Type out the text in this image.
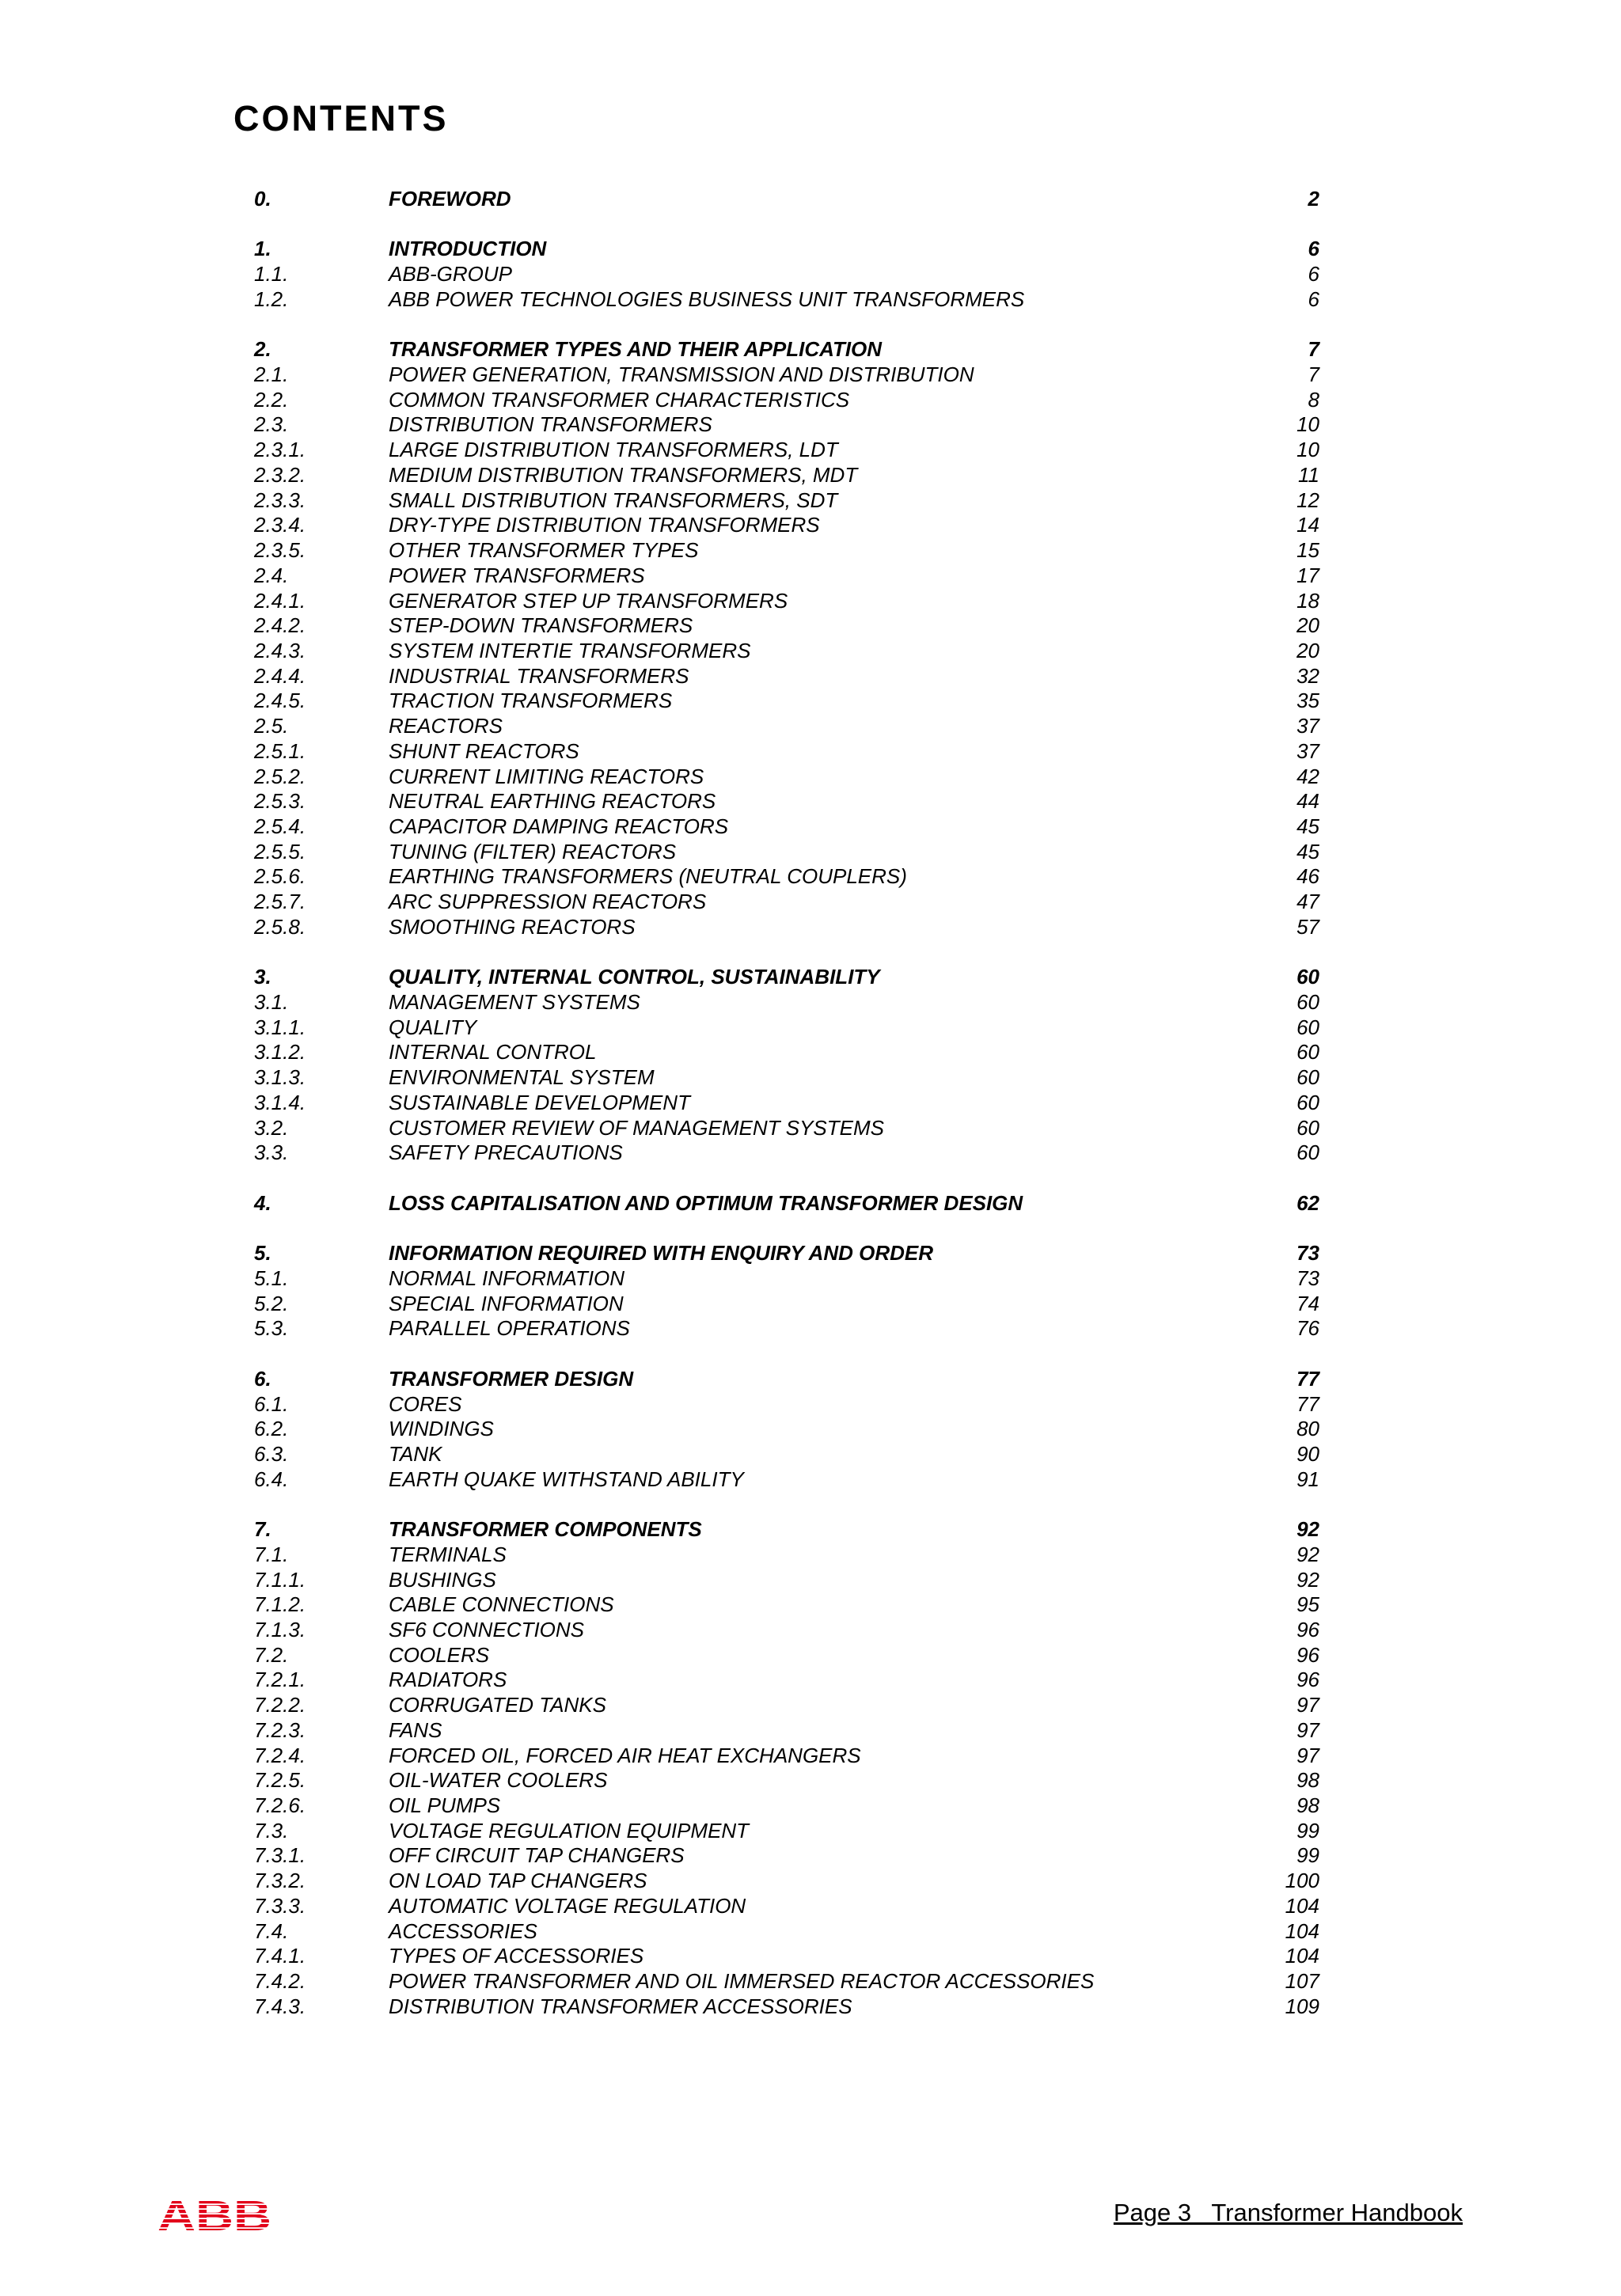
CONTENTS
0.	FOREWORD	2
1.	INTRODUCTION	6
1.1.	ABB-GROUP	6
1.2.	ABB POWER TECHNOLOGIES BUSINESS UNIT TRANSFORMERS	6
2.	TRANSFORMER TYPES AND THEIR APPLICATION	7
2.1.	POWER GENERATION, TRANSMISSION AND DISTRIBUTION	7
2.2.	COMMON TRANSFORMER CHARACTERISTICS	8
2.3.	DISTRIBUTION TRANSFORMERS	10
2.3.1.	LARGE DISTRIBUTION TRANSFORMERS, LDT	10
2.3.2.	MEDIUM DISTRIBUTION TRANSFORMERS, MDT	11
2.3.3.	SMALL DISTRIBUTION TRANSFORMERS, SDT	12
2.3.4.	DRY-TYPE DISTRIBUTION TRANSFORMERS	14
2.3.5.	OTHER TRANSFORMER TYPES	15
2.4.	POWER TRANSFORMERS	17
2.4.1.	GENERATOR STEP UP TRANSFORMERS	18
2.4.2.	STEP-DOWN TRANSFORMERS	20
2.4.3.	SYSTEM INTERTIE TRANSFORMERS	20
2.4.4.	INDUSTRIAL TRANSFORMERS	32
2.4.5.	TRACTION TRANSFORMERS	35
2.5.	REACTORS	37
2.5.1.	SHUNT REACTORS	37
2.5.2.	CURRENT LIMITING REACTORS	42
2.5.3.	NEUTRAL EARTHING REACTORS	44
2.5.4.	CAPACITOR DAMPING REACTORS	45
2.5.5.	TUNING (FILTER) REACTORS	45
2.5.6.	EARTHING TRANSFORMERS (NEUTRAL COUPLERS)	46
2.5.7.	ARC SUPPRESSION REACTORS	47
2.5.8.	SMOOTHING REACTORS	57
3.	QUALITY, INTERNAL CONTROL, SUSTAINABILITY	60
3.1.	MANAGEMENT SYSTEMS	60
3.1.1.	QUALITY	60
3.1.2.	INTERNAL CONTROL	60
3.1.3.	ENVIRONMENTAL SYSTEM	60
3.1.4.	SUSTAINABLE DEVELOPMENT	60
3.2.	CUSTOMER REVIEW OF MANAGEMENT SYSTEMS	60
3.3.	SAFETY PRECAUTIONS	60
4.	LOSS CAPITALISATION AND OPTIMUM TRANSFORMER DESIGN	62
5.	INFORMATION REQUIRED WITH ENQUIRY AND ORDER	73
5.1.	NORMAL INFORMATION	73
5.2.	SPECIAL INFORMATION	74
5.3.	PARALLEL OPERATIONS	76
6.	TRANSFORMER DESIGN	77
6.1.	CORES	77
6.2.	WINDINGS	80
6.3.	TANK	90
6.4.	EARTH QUAKE WITHSTAND ABILITY	91
7.	TRANSFORMER COMPONENTS	92
7.1.	TERMINALS	92
7.1.1.	BUSHINGS	92
7.1.2.	CABLE CONNECTIONS	95
7.1.3.	SF6 CONNECTIONS	96
7.2.	COOLERS	96
7.2.1.	RADIATORS	96
7.2.2.	CORRUGATED TANKS	97
7.2.3.	FANS	97
7.2.4.	FORCED OIL, FORCED AIR HEAT EXCHANGERS	97
7.2.5.	OIL-WATER COOLERS	98
7.2.6.	OIL PUMPS	98
7.3.	VOLTAGE REGULATION EQUIPMENT	99
7.3.1.	OFF CIRCUIT TAP CHANGERS	99
7.3.2.	ON LOAD TAP CHANGERS	100
7.3.3.	AUTOMATIC VOLTAGE REGULATION	104
7.4.	ACCESSORIES	104
7.4.1.	TYPES OF ACCESSORIES	104
7.4.2.	POWER TRANSFORMER AND OIL IMMERSED REACTOR ACCESSORIES	107
7.4.3.	DISTRIBUTION TRANSFORMER ACCESSORIES	109
ABB	Page 3   Transformer Handbook
